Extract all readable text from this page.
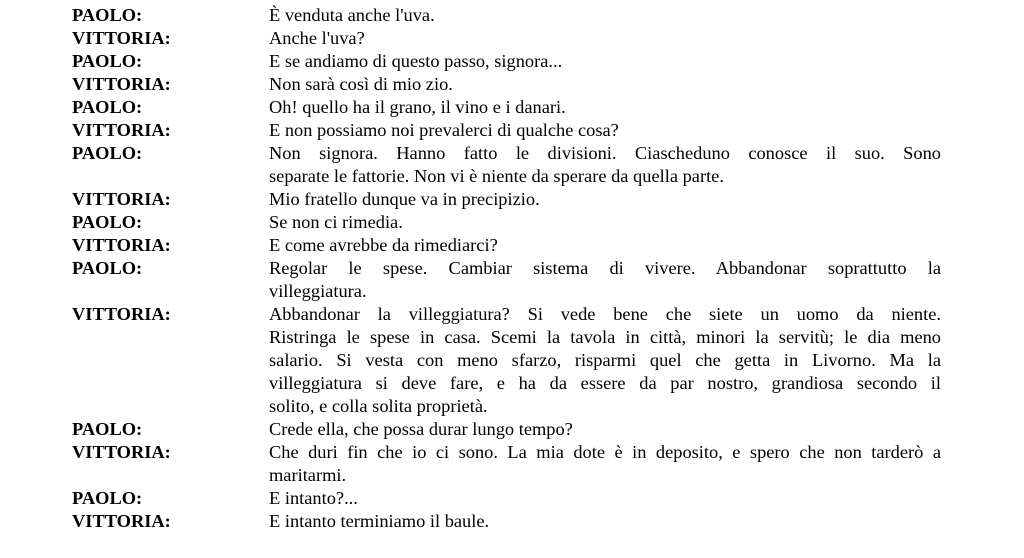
PAOLO:	È venduta anche l'uva.
VITTORIA:	Anche l'uva?
PAOLO:	E se andiamo di questo passo, signora...
VITTORIA:	Non sarà così di mio zio.
PAOLO:	Oh! quello ha il grano, il vino e i danari.
VITTORIA:	E non possiamo noi prevalerci di qualche cosa?
PAOLO:	Non signora. Hanno fatto le divisioni. Ciascheduno conosce il suo. Sono
separate le fattorie. Non vi è niente da sperare da quella parte.
VITTORIA:	Mio fratello dunque va in precipizio.
PAOLO:	Se non ci rimedia.
VITTORIA:	E come avrebbe da rimediarci?
PAOLO:	Regolar le spese. Cambiar sistema di vivere. Abbandonar soprattutto la
villeggiatura.
VITTORIA:	Abbandonar la villeggiatura? Si vede bene che siete un uomo da niente.
Ristringa le spese in casa. Scemi la tavola in città, minori la servitù; le dia meno
salario. Si vesta con meno sfarzo, risparmi quel che getta in Livorno. Ma la
villeggiatura si deve fare, e ha da essere da par nostro, grandiosa secondo il
solito, e colla solita proprietà.
PAOLO:	Crede ella, che possa durar lungo tempo?
VITTORIA:	Che duri fin che io ci sono. La mia dote è in deposito, e spero che non tarderò a
maritarmi.
PAOLO:	E intanto?...
VITTORIA:	E intanto terminiamo il baule.
